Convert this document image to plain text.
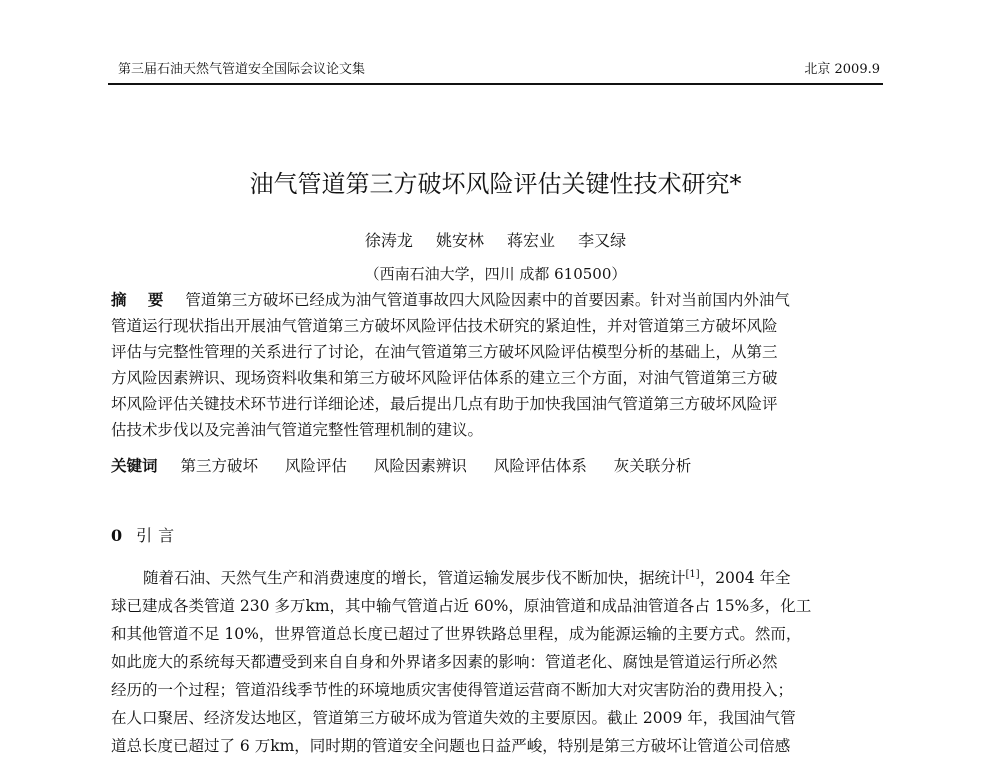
第三届石油天然气管道安全国际会议论文集	北京 2009.9
油气管道第三方破坏风险评估关键性技术研究*
徐涛龙 姚安林 蒋宏业 李又绿
（西南石油大学，四川 成都 610500）
摘 要 管道第三方破坏已经成为油气管道事故四大风险因素中的首要因素。针对当前国内外油气
管道运行现状指出开展油气管道第三方破坏风险评估技术研究的紧迫性，并对管道第三方破坏风险
评估与完整性管理的关系进行了讨论，在油气管道第三方破坏风险评估模型分析的基础上，从第三
方风险因素辨识、现场资料收集和第三方破坏风险评估体系的建立三个方面，对油气管道第三方破
坏风险评估关键技术环节进行详细论述，最后提出几点有助于加快我国油气管道第三方破坏风险评
估技术步伐以及完善油气管道完整性管理机制的建议。
关键词 第三方破坏 风险评估 风险因素辨识 风险评估体系 灰关联分析
0 引言
随着石油、天然气生产和消费速度的增长，管道运输发展步伐不断加快，据统计[1]，2004 年全
球已建成各类管道 230 多万km，其中输气管道占近 60%，原油管道和成品油管道各占 15%多，化工
和其他管道不足 10%，世界管道总长度已超过了世界铁路总里程，成为能源运输的主要方式。然而，
如此庞大的系统每天都遭受到来自自身和外界诸多因素的影响：管道老化、腐蚀是管道运行所必然
经历的一个过程；管道沿线季节性的环境地质灾害使得管道运营商不断加大对灾害防治的费用投入；
在人口聚居、经济发达地区，管道第三方破坏成为管道失效的主要原因。截止 2009 年，我国油气管
道总长度已超过了 6 万km，同时期的管道安全问题也日益严峻，特别是第三方破坏让管道公司倍感
